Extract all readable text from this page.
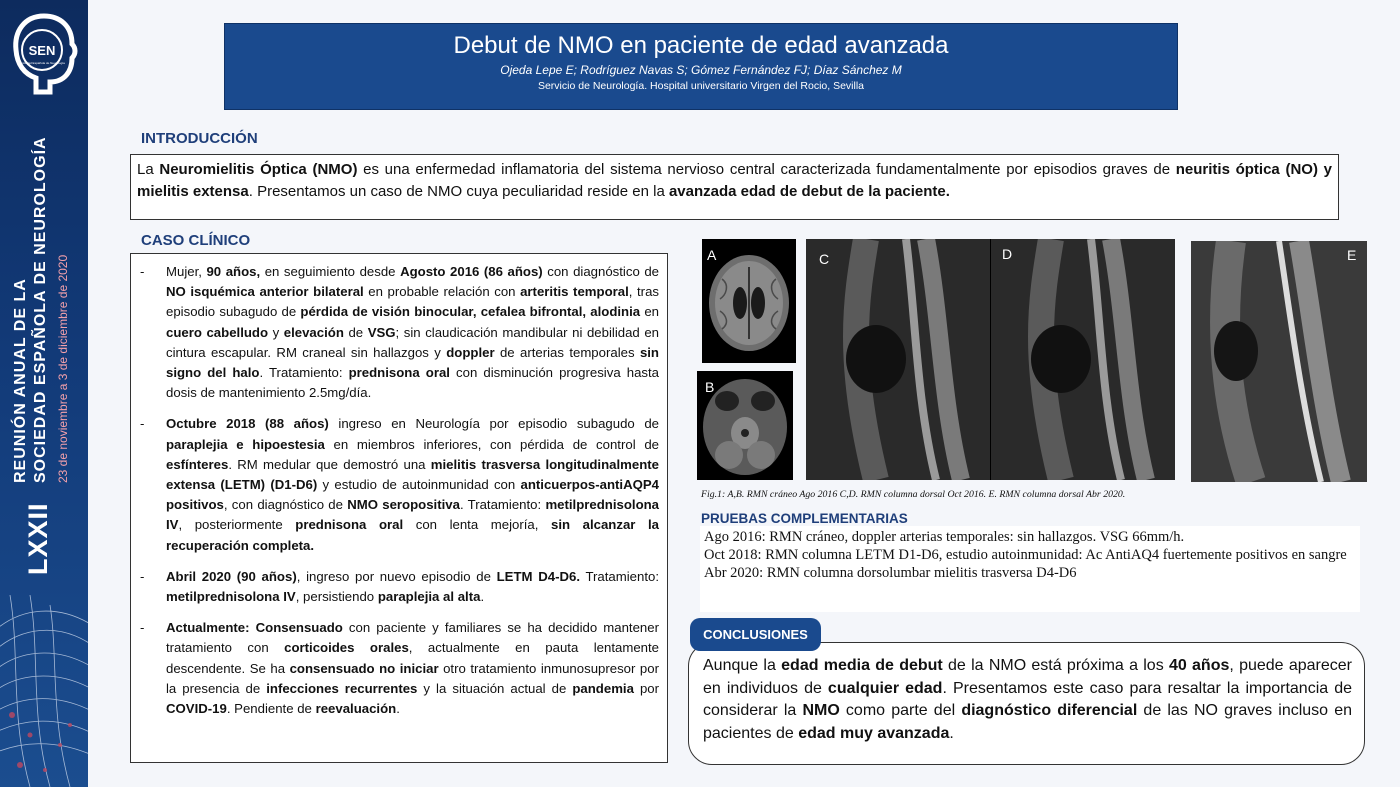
SEN
Sociedad Española de Neurología
LXXII
REUNIÓN ANUAL DE LA SOCIEDAD ESPAÑOLA DE NEUROLOGÍA 23 de noviembre a 3 de diciembre de 2020
Debut de NMO en paciente de edad avanzada
Ojeda Lepe E; Rodríguez Navas S; Gómez Fernández FJ; Díaz Sánchez M
Servicio de Neurología. Hospital universitario Virgen del Rocio, Sevilla
INTRODUCCIÓN
La Neuromielitis Óptica (NMO) es una enfermedad inflamatoria del sistema nervioso central caracterizada fundamentalmente por episodios graves de neuritis óptica (NO) y mielitis extensa. Presentamos un caso de NMO cuya peculiaridad reside en la avanzada edad de debut de la paciente.
CASO CLÍNICO
- Mujer, 90 años, en seguimiento desde Agosto 2016 (86 años) con diagnóstico de NO isquémica anterior bilateral en probable relación con arteritis temporal, tras episodio subagudo de pérdida de visión binocular, cefalea bifrontal, alodinia en cuero cabelludo y elevación de VSG; sin claudicación mandibular ni debilidad en cintura escapular. RM craneal sin hallazgos y doppler de arterias temporales sin signo del halo. Tratamiento: prednisona oral con disminución progresiva hasta dosis de mantenimiento 2.5mg/día.
- Octubre 2018 (88 años) ingreso en Neurología por episodio subagudo de paraplejia e hipoestesia en miembros inferiores, con pérdida de control de esfínteres. RM medular que demostró una mielitis trasversa longitudinalmente extensa (LETM) (D1-D6) y estudio de autoinmunidad con anticuerpos-antiAQP4 positivos, con diagnóstico de NMO seropositiva. Tratamiento: metilprednisolona IV, posteriormente prednisona oral con lenta mejoría, sin alcanzar la recuperación completa.
- Abril 2020 (90 años), ingreso por nuevo episodio de LETM D4-D6. Tratamiento: metilprednisolona IV, persistiendo paraplejia al alta.
- Actualmente: Consensuado con paciente y familiares se ha decidido mantener tratamiento con corticoides orales, actualmente en pauta lentamente descendente. Se ha consensuado no iniciar otro tratamiento inmunosupresor por la presencia de infecciones recurrentes y la situación actual de pandemia por COVID-19. Pendiente de reevaluación.
A
B
C	D	E
Fig.1: A,B. RMN cráneo Ago 2016 C,D. RMN columna dorsal Oct 2016. E. RMN columna dorsal Abr 2020.
PRUEBAS COMPLEMENTARIAS
Ago 2016: RMN cráneo, doppler arterias temporales: sin hallazgos. VSG 66mm/h.
Oct 2018: RMN columna LETM D1-D6, estudio autoinmunidad: Ac AntiAQ4 fuertemente positivos en sangre
Abr 2020: RMN columna dorsolumbar mielitis trasversa D4-D6
CONCLUSIONES
Aunque la edad media de debut de la NMO está próxima a los 40 años, puede aparecer en individuos de cualquier edad. Presentamos este caso para resaltar la importancia de considerar la NMO como parte del diagnóstico diferencial de las NO graves incluso en pacientes de edad muy avanzada.
